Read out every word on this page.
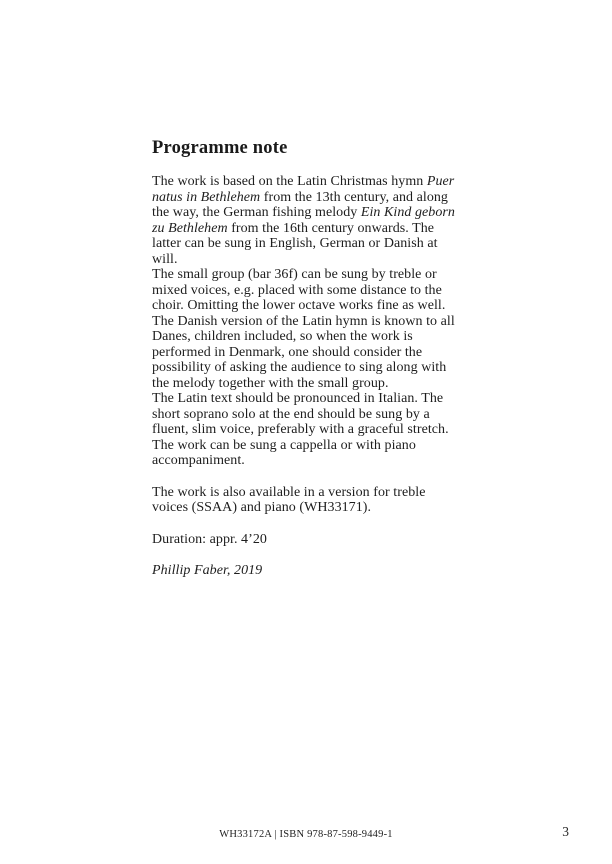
Programme note

The work is based on the Latin Christmas hymn Puer natus in Bethlehem from the 13th century, and along the way, the German fishing melody Ein Kind geborn zu Bethlehem from the 16th century onwards. The latter can be sung in English, German or Danish at will.

The small group (bar 36f) can be sung by treble or mixed voices, e.g. placed with some distance to the choir. Omitting the lower octave works fine as well.

The Danish version of the Latin hymn is known to all Danes, children included, so when the work is performed in Denmark, one should consider the possibility of asking the audience to sing along with the melody together with the small group.

The Latin text should be pronounced in Italian. The short soprano solo at the end should be sung by a fluent, slim voice, preferably with a graceful stretch. The work can be sung a cappella or with piano accompaniment.

The work is also available in a version for treble voices (SSAA) and piano (WH33171).

Duration: appr. 4’20

Phillip Faber, 2019

WH33172A | ISBN 978-87-598-9449-1	3
